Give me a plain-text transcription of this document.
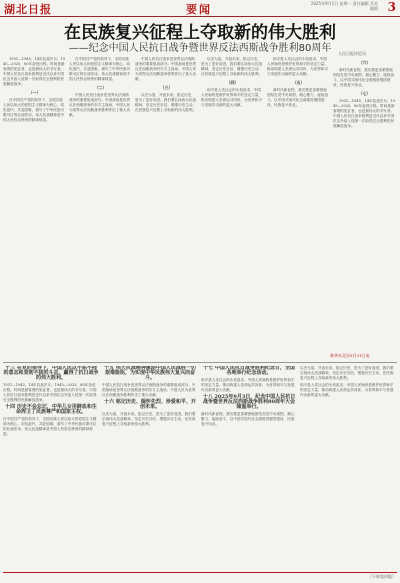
湖北日报	要闻	2025年9月1日 星期一 责任编辑 美术编辑 3
在民族复兴征程上夺取新的伟大胜利
——纪念中国人民抗日战争暨世界反法西斯战争胜利80周年	人民日报评论员

1931—1945，14年抗战岁月；1945—2025，80年奋进历程。时间是最客观的见证者，也是最伟大的书写者。中国人民抗日战争胜利是近代以来中国抗击外敌入侵第一次取得完全胜利的民族解放战争。

（一）

在中国共产党的领导下，全国各族人民以伟大的爱国主义精神为核心，同仇敌忾、共赴国难，谱写了中华民族可歌可泣的壮丽史诗。伟大抗战精神是中国人民弥足珍贵的精神财富。

在中国共产党的领导下，全国各族人民以伟大的爱国主义精神为核心，同仇敌忾、共赴国难，谱写了中华民族可歌可泣的壮丽史诗。伟大抗战精神是中国人民弥足珍贵的精神财富。

（二）

中国人民抗日战争是世界反法西斯战争的重要组成部分。中国战场是世界反法西斯战争的东方主战场，中国人民为世界反法西斯战争胜利作出了重大贡献。

中国人民抗日战争是世界反法西斯战争的重要组成部分。中国战场是世界反法西斯战争的东方主战场，中国人民为世界反法西斯战争胜利作出了重大贡献。

（三）

以史为鉴、开创未来。铭记历史，是为了更好前进。我们要弘扬伟大抗战精神，坚定历史自信，增强历史主动，在民族复兴征程上夺取新的伟大胜利。

以史为鉴、开创未来。铭记历史，是为了更好前进。我们要弘扬伟大抗战精神，坚定历史自信，增强历史主动，在民族复兴征程上夺取新的伟大胜利。

（四）

和平是人类社会的永恒追求。中国人民始终是维护世界和平的坚定力量，推动构建人类命运共同体，为世界和平与发展作出新的更大贡献。

和平是人类社会的永恒追求。中国人民始终是维护世界和平的坚定力量，推动构建人类命运共同体，为世界和平与发展作出新的更大贡献。

（五）

新时代新征程，我们要更加紧密地团结在党中央周围，凝心聚力、接续奋斗，以中国式现代化全面推进强国建设、民族复兴伟业。

（六）

新时代新征程，我们要更加紧密地团结在党中央周围，凝心聚力、接续奋斗，以中国式现代化全面推进强国建设、民族复兴伟业。

（七）

1931—1945，14年抗战岁月；1945—2025，80年奋进历程。时间是最客观的见证者，也是最伟大的书写者。中国人民抗日战争胜利是近代以来中国抗击外敌入侵第一次取得完全胜利的民族解放战争。

新华社北京8月31日电

十三 在党的领导下，中国人民以不屈不挠的意志和坚韧不拔的斗志，赢得了抗日战争的伟大胜利。

1931—1945，14年抗战岁月；1945—2025，80年奋进历程。时间是最客观的见证者，也是最伟大的书写者。中国人民抗日战争胜利是近代以来中国抗击外敌入侵第一次取得完全胜利的民族解放战争。

十四 历史不会忘记，中华儿女用鲜血和生命捍卫了民族尊严和国家主权。

在中国共产党的领导下，全国各族人民以伟大的爱国主义精神为核心，同仇敌忾、共赴国难，谱写了中华民族可歌可泣的壮丽史诗。伟大抗战精神是中国人民弥足珍贵的精神财富。

十五 伟大抗战精神激励中国人民战胜一切艰难险阻，为实现中华民族伟大复兴而奋斗。

中国人民抗日战争是世界反法西斯战争的重要组成部分。中国战场是世界反法西斯战争的东方主战场，中国人民为世界反法西斯战争胜利作出了重大贡献。

十六 铭记历史、缅怀先烈、珍爱和平、开创未来。

以史为鉴、开创未来。铭记历史，是为了更好前进。我们要弘扬伟大抗战精神，坚定历史自信，增强历史主动，在民族复兴征程上夺取新的伟大胜利。

十七 中国人民抗日战争胜利纪念日，全国各地举行纪念活动。

和平是人类社会的永恒追求。中国人民始终是维护世界和平的坚定力量，推动构建人类命运共同体，为世界和平与发展作出新的更大贡献。

十八 2025年9月3日，纪念中国人民抗日战争暨世界反法西斯战争胜利80周年大会隆重举行。

新时代新征程，我们要更加紧密地团结在党中央周围，凝心聚力、接续奋斗，以中国式现代化全面推进强国建设、民族复兴伟业。

以史为鉴、开创未来。铭记历史，是为了更好前进。我们要弘扬伟大抗战精神，坚定历史自信，增强历史主动，在民族复兴征程上夺取新的伟大胜利。

和平是人类社会的永恒追求。中国人民始终是维护世界和平的坚定力量，推动构建人类命运共同体，为世界和平与发展作出新的更大贡献。

（下转第四版）
